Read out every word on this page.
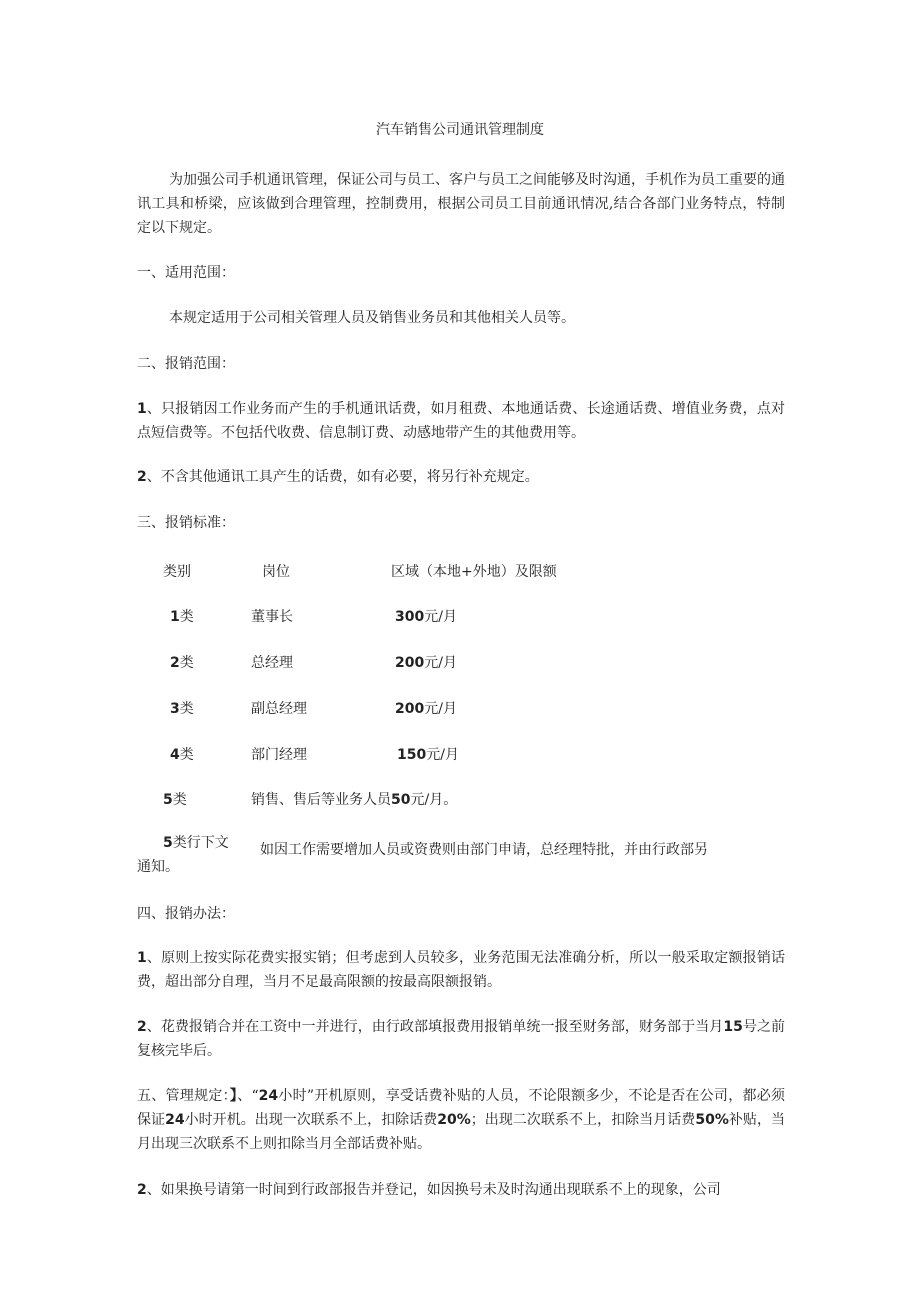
汽车销售公司通讯管理制度
为加强公司手机通讯管理，保证公司与员工、客户与员工之间能够及时沟通，手机作为员工重要的通讯工具和桥梁，应该做到合理管理，控制费用，根据公司员工目前通讯情况,结合各部门业务特点，特制定以下规定。
一、适用范围：
本规定适用于公司相关管理人员及销售业务员和其他相关人员等。
二、报销范围：
1、只报销因工作业务而产生的手机通讯话费，如月租费、本地通话费、长途通话费、增值业务费，点对点短信费等。不包括代收费、信息制订费、动感地带产生的其他费用等。
2、不含其他通讯工具产生的话费，如有必要，将另行补充规定。
三、报销标准：
类别	岗位	区域（本地+外地）及限额
1类	董事长	300元/月
2类	总经理	200元/月
3类	副总经理	200元/月
4类	部门经理	150元/月
5类	销售、售后等业务人员50元/月。
5类行下文 如因工作需要增加人员或资费则由部门申请，总经理特批，并由行政部另
通知。
四、报销办法：
1、原则上按实际花费实报实销；但考虑到人员较多，业务范围无法准确分析，所以一般采取定额报销话费，超出部分自理，当月不足最高限额的按最高限额报销。
2、花费报销合并在工资中一并进行，由行政部填报费用报销单统一报至财务部，财务部于当月15号之前复核完毕后。
五、管理规定：】、“24小时”开机原则，享受话费补贴的人员，不论限额多少，不论是否在公司，都必须保证24小时开机。出现一次联系不上，扣除话费20%；出现二次联系不上，扣除当月话费50%补贴，当月出现三次联系不上则扣除当月全部话费补贴。
2、如果换号请第一时间到行政部报告并登记，如因换号未及时沟通出现联系不上的现象，公司
